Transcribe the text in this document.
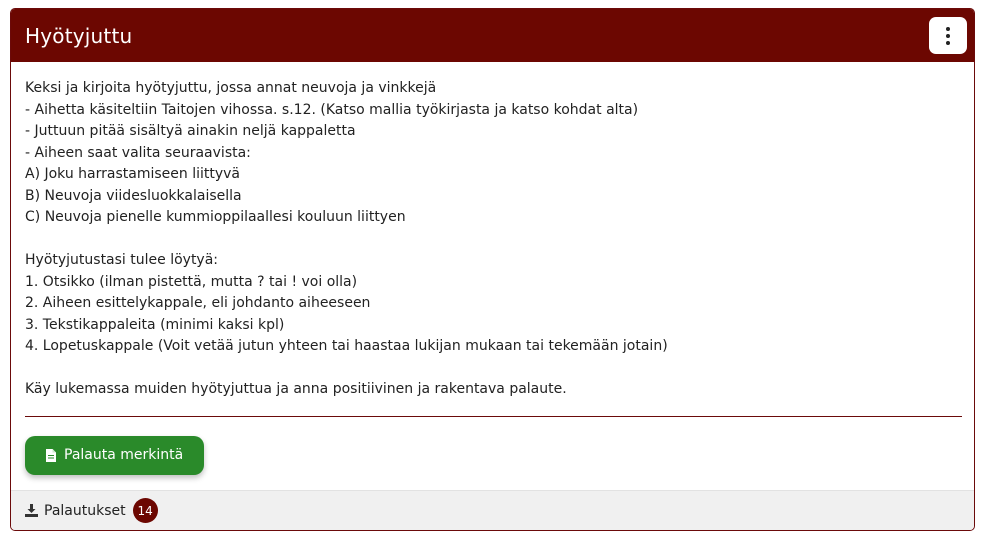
Hyötyjuttu
Keksi ja kirjoita hyötyjuttu, jossa annat neuvoja ja vinkkejä
- Aihetta käsiteltiin Taitojen vihossa. s.12. (Katso mallia työkirjasta ja katso kohdat alta)
- Juttuun pitää sisältyä ainakin neljä kappaletta
- Aiheen saat valita seuraavista:
A) Joku harrastamiseen liittyvä
B) Neuvoja viidesluokkalaisella
C) Neuvoja pienelle kummioppilaallesi kouluun liittyen
Hyötyjutustasi tulee löytyä:
1. Otsikko (ilman pistettä, mutta ? tai ! voi olla)
2. Aiheen esittelykappale, eli johdanto aiheeseen
3. Tekstikappaleita (minimi kaksi kpl)
4. Lopetuskappale (Voit vetää jutun yhteen tai haastaa lukijan mukaan tai tekemään jotain)
Käy lukemassa muiden hyötyjuttua ja anna positiivinen ja rakentava palaute.
Palauta merkintä
Palautukset 14
